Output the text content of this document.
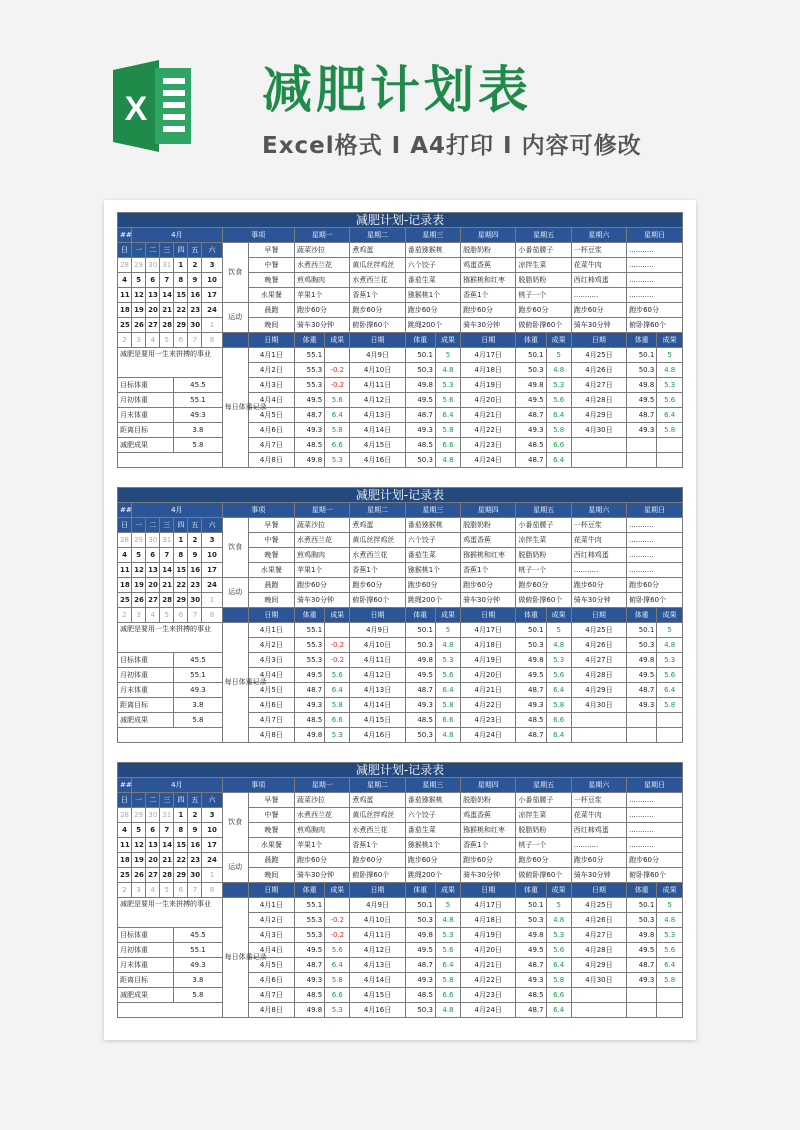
X 减肥计划表
Excel格式 Ⅰ A4打印 Ⅰ 内容可修改
减肥计划-记录表																			
##	4月						事项		星期一		星期二	星期三		星期四	星期五		星期六	星期日	
日	一	二	三	四	五	六	饮食	早餐	蔬菜沙拉		煮鸡蛋	番茄猕猴桃		脱脂奶粉	小番茄腰子		一杯豆浆	...........	
28	29	30	31	1	2	3		中餐	水煮西兰花		黄瓜丝拌鸡丝	六个饺子		鸡蛋香蕉	凉拌生菜		花菜牛肉	...........	
4	5	6	7	8	9	10		晚餐	煎鸡胸肉		水煮西兰花	番茄生菜		猕猴桃和红枣	脱脂奶粉		西红柿鸡蛋	...........	
11	12	13	14	15	16	17		水果餐	苹果1个		香蕉1个	猕猴桃1个		香蕉1个	桃子一个		...........	...........	
18	19	20	21	22	23	24	运动	晨跑	跑步60分		跑步60分	跑步60分		跑步60分	跑步60分		跑步60分	跑步60分	
25	26	27	28	29	30	1		晚间	骑车30分钟		俯卧撑60个	跳绳200个		骑车30分钟	做俯卧撑60个		骑车30分钟	俯卧撑60个	
2	3	4	5	6	7	8		日期	体重	成果	日期	体重	成果	日期	体重	成果	日期	体重	成果
减肥是要用一生来拼搏的事业							每日体重记录	4月1日	55.1		4月9日	50.1	5	4月17日	50.1	5	4月25日	50.1	5
								4月2日	55.3	-0.2	4月10日	50.3	4.8	4月18日	50.3	4.8	4月26日	50.3	4.8
目标体重				45.5				4月3日	55.3	-0.2	4月11日	49.8	5.3	4月19日	49.8	5.3	4月27日	49.8	5.3
月初体重				55.1				4月4日	49.5	5.6	4月12日	49.5	5.6	4月20日	49.5	5.6	4月28日	49.5	5.6
月末体重				49.3				4月5日	48.7	6.4	4月13日	48.7	6.4	4月21日	48.7	6.4	4月29日	48.7	6.4
距离目标				3.8				4月6日	49.3	5.8	4月14日	49.3	5.8	4月22日	49.3	5.8	4月30日	49.3	5.8
减肥成果				5.8				4月7日	48.5	6.6	4月15日	48.5	6.6	4月23日	48.5	6.6			
								4月8日	49.8	5.3	4月16日	50.3	4.8	4月24日	48.7	6.4			
减肥计划-记录表																			
##	4月						事项		星期一		星期二	星期三		星期四	星期五		星期六	星期日	
日	一	二	三	四	五	六	饮食	早餐	蔬菜沙拉		煮鸡蛋	番茄猕猴桃		脱脂奶粉	小番茄腰子		一杯豆浆	...........	
28	29	30	31	1	2	3		中餐	水煮西兰花		黄瓜丝拌鸡丝	六个饺子		鸡蛋香蕉	凉拌生菜		花菜牛肉	...........	
4	5	6	7	8	9	10		晚餐	煎鸡胸肉		水煮西兰花	番茄生菜		猕猴桃和红枣	脱脂奶粉		西红柿鸡蛋	...........	
11	12	13	14	15	16	17		水果餐	苹果1个		香蕉1个	猕猴桃1个		香蕉1个	桃子一个		...........	...........	
18	19	20	21	22	23	24	运动	晨跑	跑步60分		跑步60分	跑步60分		跑步60分	跑步60分		跑步60分	跑步60分	
25	26	27	28	29	30	1		晚间	骑车30分钟		俯卧撑60个	跳绳200个		骑车30分钟	做俯卧撑60个		骑车30分钟	俯卧撑60个	
2	3	4	5	6	7	8		日期	体重	成果	日期	体重	成果	日期	体重	成果	日期	体重	成果
减肥是要用一生来拼搏的事业							每日体重记录	4月1日	55.1		4月9日	50.1	5	4月17日	50.1	5	4月25日	50.1	5
								4月2日	55.3	-0.2	4月10日	50.3	4.8	4月18日	50.3	4.8	4月26日	50.3	4.8
目标体重				45.5				4月3日	55.3	-0.2	4月11日	49.8	5.3	4月19日	49.8	5.3	4月27日	49.8	5.3
月初体重				55.1				4月4日	49.5	5.6	4月12日	49.5	5.6	4月20日	49.5	5.6	4月28日	49.5	5.6
月末体重				49.3				4月5日	48.7	6.4	4月13日	48.7	6.4	4月21日	48.7	6.4	4月29日	48.7	6.4
距离目标				3.8				4月6日	49.3	5.8	4月14日	49.3	5.8	4月22日	49.3	5.8	4月30日	49.3	5.8
减肥成果				5.8				4月7日	48.5	6.6	4月15日	48.5	6.6	4月23日	48.5	6.6			
								4月8日	49.8	5.3	4月16日	50.3	4.8	4月24日	48.7	6.4			
减肥计划-记录表																			
##	4月						事项		星期一		星期二	星期三		星期四	星期五		星期六	星期日	
日	一	二	三	四	五	六	饮食	早餐	蔬菜沙拉		煮鸡蛋	番茄猕猴桃		脱脂奶粉	小番茄腰子		一杯豆浆	...........	
28	29	30	31	1	2	3		中餐	水煮西兰花		黄瓜丝拌鸡丝	六个饺子		鸡蛋香蕉	凉拌生菜		花菜牛肉	...........	
4	5	6	7	8	9	10		晚餐	煎鸡胸肉		水煮西兰花	番茄生菜		猕猴桃和红枣	脱脂奶粉		西红柿鸡蛋	...........	
11	12	13	14	15	16	17		水果餐	苹果1个		香蕉1个	猕猴桃1个		香蕉1个	桃子一个		...........	...........	
18	19	20	21	22	23	24	运动	晨跑	跑步60分		跑步60分	跑步60分		跑步60分	跑步60分		跑步60分	跑步60分	
25	26	27	28	29	30	1		晚间	骑车30分钟		俯卧撑60个	跳绳200个		骑车30分钟	做俯卧撑60个		骑车30分钟	俯卧撑60个	
2	3	4	5	6	7	8		日期	体重	成果	日期	体重	成果	日期	体重	成果	日期	体重	成果
减肥是要用一生来拼搏的事业							每日体重记录	4月1日	55.1		4月9日	50.1	5	4月17日	50.1	5	4月25日	50.1	5
								4月2日	55.3	-0.2	4月10日	50.3	4.8	4月18日	50.3	4.8	4月26日	50.3	4.8
目标体重				45.5				4月3日	55.3	-0.2	4月11日	49.8	5.3	4月19日	49.8	5.3	4月27日	49.8	5.3
月初体重				55.1				4月4日	49.5	5.6	4月12日	49.5	5.6	4月20日	49.5	5.6	4月28日	49.5	5.6
月末体重				49.3				4月5日	48.7	6.4	4月13日	48.7	6.4	4月21日	48.7	6.4	4月29日	48.7	6.4
距离目标				3.8				4月6日	49.3	5.8	4月14日	49.3	5.8	4月22日	49.3	5.8	4月30日	49.3	5.8
减肥成果				5.8				4月7日	48.5	6.6	4月15日	48.5	6.6	4月23日	48.5	6.6			
								4月8日	49.8	5.3	4月16日	50.3	4.8	4月24日	48.7	6.4			
